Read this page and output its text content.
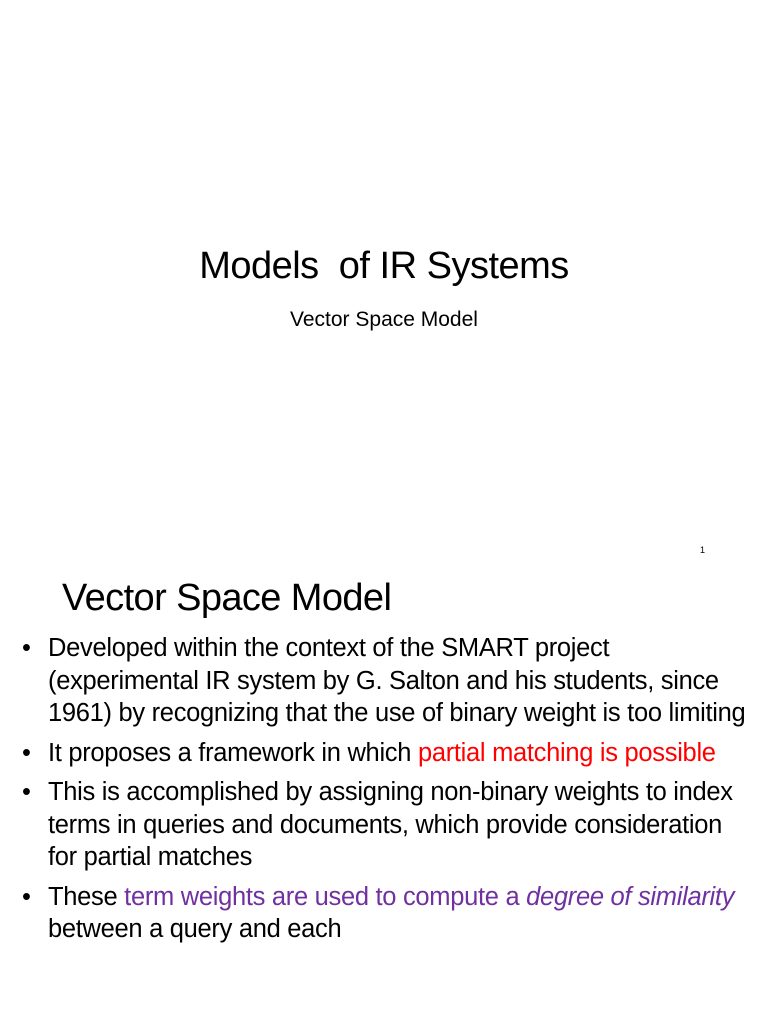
Models  of IR Systems
Vector Space Model
1
Vector Space Model
• Developed within the context of the SMART project (experimental IR system by G. Salton and his students, since 1961) by recognizing that the use of binary weight is too limiting
• It proposes a framework in which partial matching is possible
• This is accomplished by assigning non-binary weights to index terms in queries and documents, which provide consideration for partial matches
• These term weights are used to compute a degree of similarity between a query and each
